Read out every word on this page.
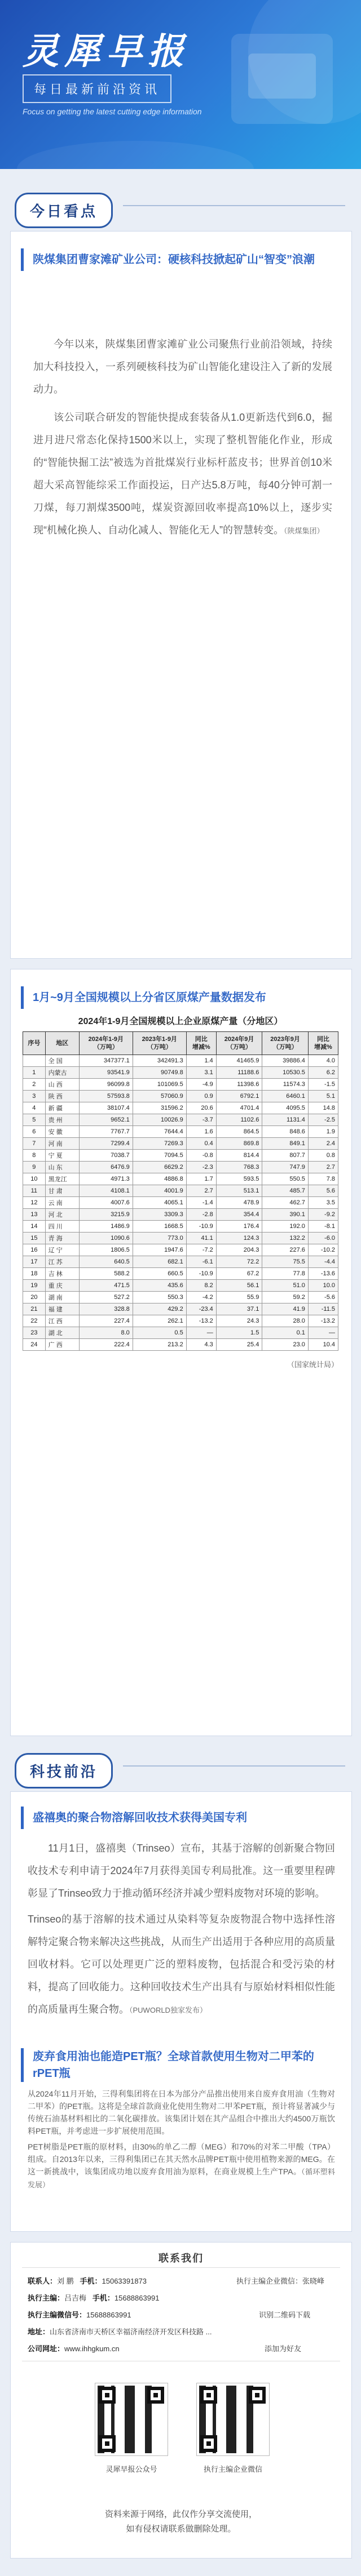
灵犀早报
每日最新前沿资讯
Focus on getting the latest cutting edge information
今日看点

陕煤集团曹家滩矿业公司：硬核科技掀起矿山“智变”浪潮

今年以来，陕煤集团曹家滩矿业公司聚焦行业前沿领域，持续加大科技投入，一系列硬核科技为矿山智能化建设注入了新的发展动力。

该公司联合研发的智能快提成套装备从1.0更新迭代到6.0，掘进月进尺常态化保持1500米以上，实现了整机智能化作业，形成的“智能快掘工法”被选为首批煤炭行业标杆蓝皮书；世界首创10米超大采高智能综采工作面投运，日产达5.8万吨，每40分钟可割一刀煤，每刀割煤3500吨，煤炭资源回收率提高10%以上，逐步实现“机械化换人、自动化减人、智能化无人”的智慧转变。（陕煤集团）

1月~9月全国规模以上分省区原煤产量数据发布

2024年1-9月全国规模以上企业原煤产量（分地区）

序号	地区	2024年1-9月
（万吨）	2023年1-9月
（万吨）	同比
增减%	2024年9月
（万吨）	2023年9月
（万吨）	同比
增减%
	全 国	347377.1	342491.3	1.4	41465.9	39886.4	4.0
1	内蒙古	93541.9	90749.8	3.1	11188.6	10530.5	6.2
2	山 西	96099.8	101069.5	-4.9	11398.6	11574.3	-1.5
3	陕 西	57593.8	57060.9	0.9	6792.1	6460.1	5.1
4	新 疆	38107.4	31596.2	20.6	4701.4	4095.5	14.8
5	贵 州	9652.1	10026.9	-3.7	1102.6	1131.4	-2.5
6	安 徽	7767.7	7644.4	1.6	864.5	848.6	1.9
7	河 南	7299.4	7269.3	0.4	869.8	849.1	2.4
8	宁 夏	7038.7	7094.5	-0.8	814.4	807.7	0.8
9	山 东	6476.9	6629.2	-2.3	768.3	747.9	2.7
10	黑龙江	4971.3	4886.8	1.7	593.5	550.5	7.8
11	甘 肃	4108.1	4001.9	2.7	513.1	485.7	5.6
12	云 南	4007.6	4065.1	-1.4	478.9	462.7	3.5
13	河 北	3215.9	3309.3	-2.8	354.4	390.1	-9.2
14	四 川	1486.9	1668.5	-10.9	176.4	192.0	-8.1
15	青 海	1090.6	773.0	41.1	124.3	132.2	-6.0
16	辽 宁	1806.5	1947.6	-7.2	204.3	227.6	-10.2
17	江 苏	640.5	682.1	-6.1	72.2	75.5	-4.4
18	吉 林	588.2	660.5	-10.9	67.2	77.8	-13.6
19	重 庆	471.5	435.6	8.2	56.1	51.0	10.0
20	湖 南	527.2	550.3	-4.2	55.9	59.2	-5.6
21	福 建	328.8	429.2	-23.4	37.1	41.9	-11.5
22	江 西	227.4	262.1	-13.2	24.3	28.0	-13.2
23	湖 北	8.0	0.5	—	1.5	0.1	—
24	广 西	222.4	213.2	4.3	25.4	23.0	10.4
（国家统计局）
科技前沿

盛禧奥的聚合物溶解回收技术获得美国专利

11月1日，盛禧奥（Trinseo）宣布，其基于溶解的创新聚合物回收技术专利申请于2024年7月获得美国专利局批准。这一重要里程碑彰显了Trinseo致力于推动循环经济并减少塑料废物对环境的影响。

Trinseo的基于溶解的技术通过从染料等复杂废物混合物中选择性溶解特定聚合物来解决这些挑战，从而生产出适用于各种应用的高质量回收材料。它可以处理更广泛的塑料废物，包括混合和受污染的材料，提高了回收能力。这种回收技术生产出具有与原始材料相似性能的高质量再生聚合物。（PUWORLD独家发布）

废弃食用油也能造PET瓶？全球首款使用生物对二甲苯的rPET瓶

从2024年11月开始，三得利集团将在日本为部分产品推出使用来自废弃食用油（生物对二甲苯）的PET瓶。这将是全球首款商业化使用生物对二甲苯PET瓶，预计将显著减少与传统石油基材料相比的二氧化碳排放。该集团计划在其产品组合中推出大约4500万瓶饮料PET瓶，并考虑进一步扩展使用范围。

PET树脂是PET瓶的原材料，由30%的单乙二醇（MEG）和70%的对苯二甲酸（TPA）组成。自2013年以来，三得利集团已在其天然水品牌PET瓶中使用植物来源的MEG。在这一新挑战中，该集团成功地以废弃食用油为原料，在商业规模上生产TPA。（循环塑料发展）

联系我们
联系人：刘 鹏 手机：15063391873
执行主编：吕吉梅 手机：15688863991
执行主编微信号：15688863991
地址：山东省济南市天桥区幸福济南经济开发区科技路 ...
公司网址：www.ihhgkum.cn
执行主编企业微信：张晓峰
识别二维码下载
添加为好友
灵犀早报公众号	执行主编企业微信
资料来源于网络，此仅作分享交流使用，
如有侵权请联系做删除处理。
